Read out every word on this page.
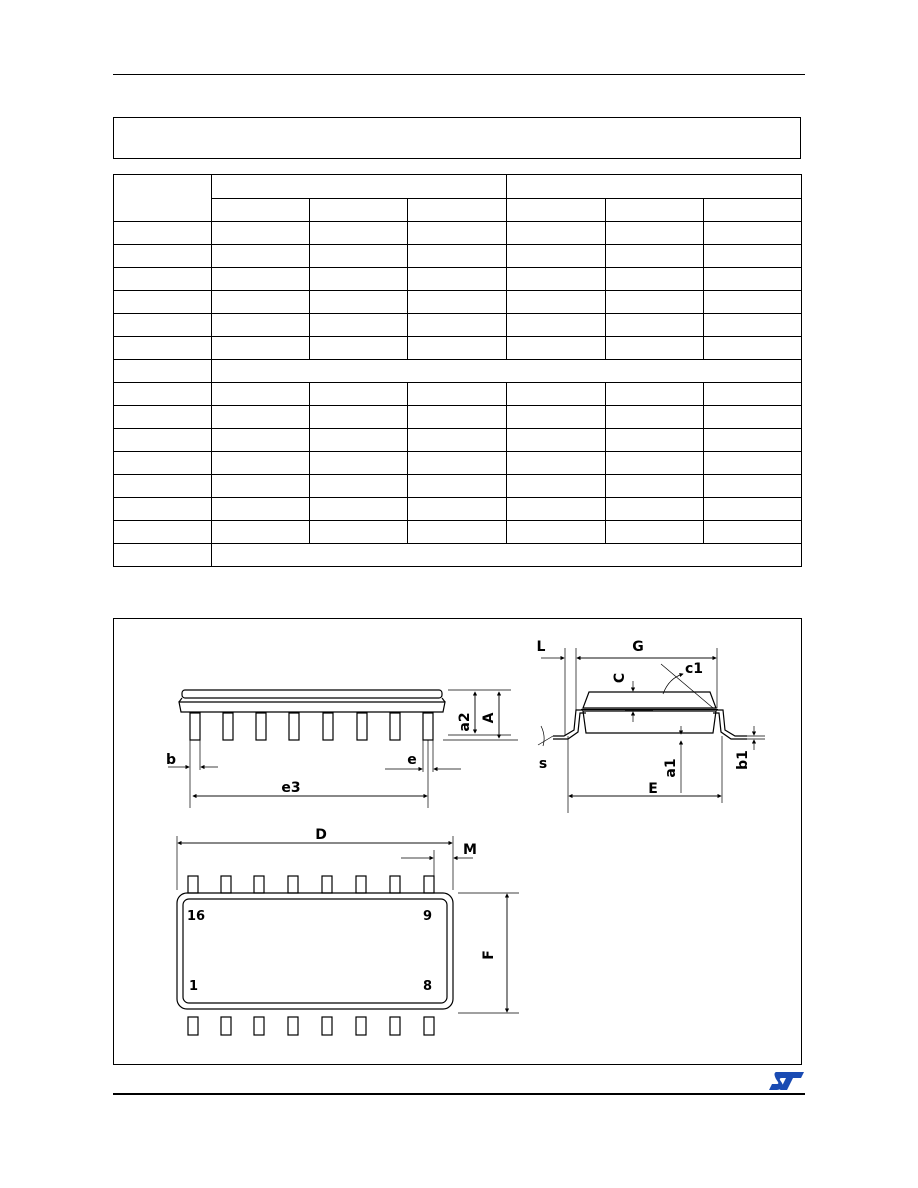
a2 A
b	e
e3
L	G
C
c1
s	a1	b1
E
D
M
F
16	9
1	8
